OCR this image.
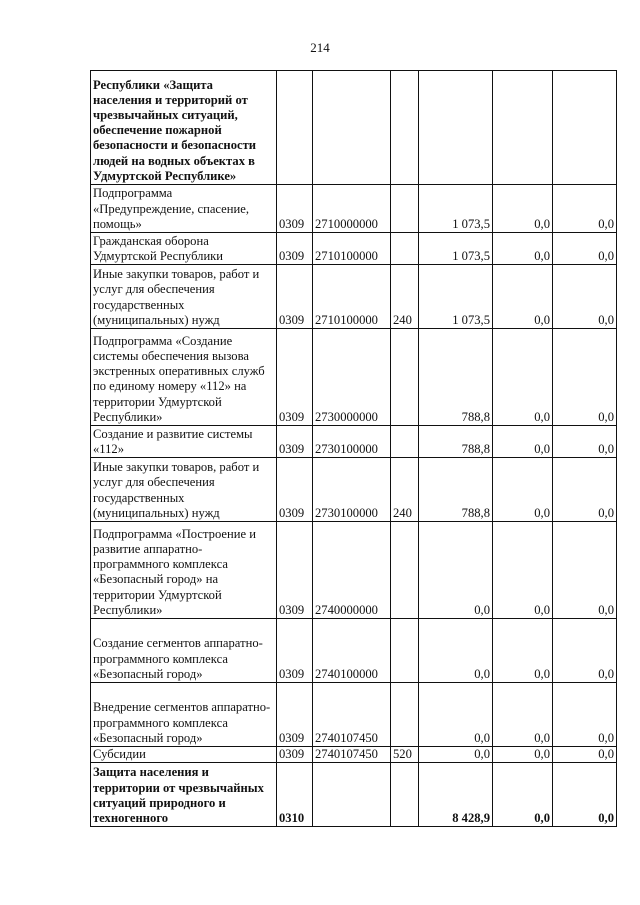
214
Республики «Защита населения и территорий от чрезвычайных ситуаций, обеспечение пожарной безопасности и безопасности людей на водных объектах в Удмуртской Республике»						
Подпрограмма «Предупреждение, спасение, помощь»	0309	2710000000		1 073,5	0,0	0,0
Гражданская оборона Удмуртской Республики	0309	2710100000		1 073,5	0,0	0,0
Иные закупки товаров, работ и услуг для обеспечения государственных (муниципальных) нужд	0309	2710100000	240	1 073,5	0,0	0,0
Подпрограмма «Создание системы обеспечения вызова экстренных оперативных служб по единому номеру «112» на территории Удмуртской Республики»	0309	2730000000		788,8	0,0	0,0
Создание и развитие системы «112»	0309	2730100000		788,8	0,0	0,0
Иные закупки товаров, работ и услуг для обеспечения государственных (муниципальных) нужд	0309	2730100000	240	788,8	0,0	0,0
Подпрограмма «Построение и развитие аппаратно-программного комплекса «Безопасный город» на территории Удмуртской Республики»	0309	2740000000		0,0	0,0	0,0
Создание сегментов аппаратно-программного комплекса «Безопасный город»	0309	2740100000		0,0	0,0	0,0
Внедрение сегментов аппаратно-программного комплекса «Безопасный город»	0309	2740107450		0,0	0,0	0,0
Субсидии	0309	2740107450	520	0,0	0,0	0,0
Защита населения и территории от чрезвычайных ситуаций природного и техногенного	0310			8 428,9	0,0	0,0
